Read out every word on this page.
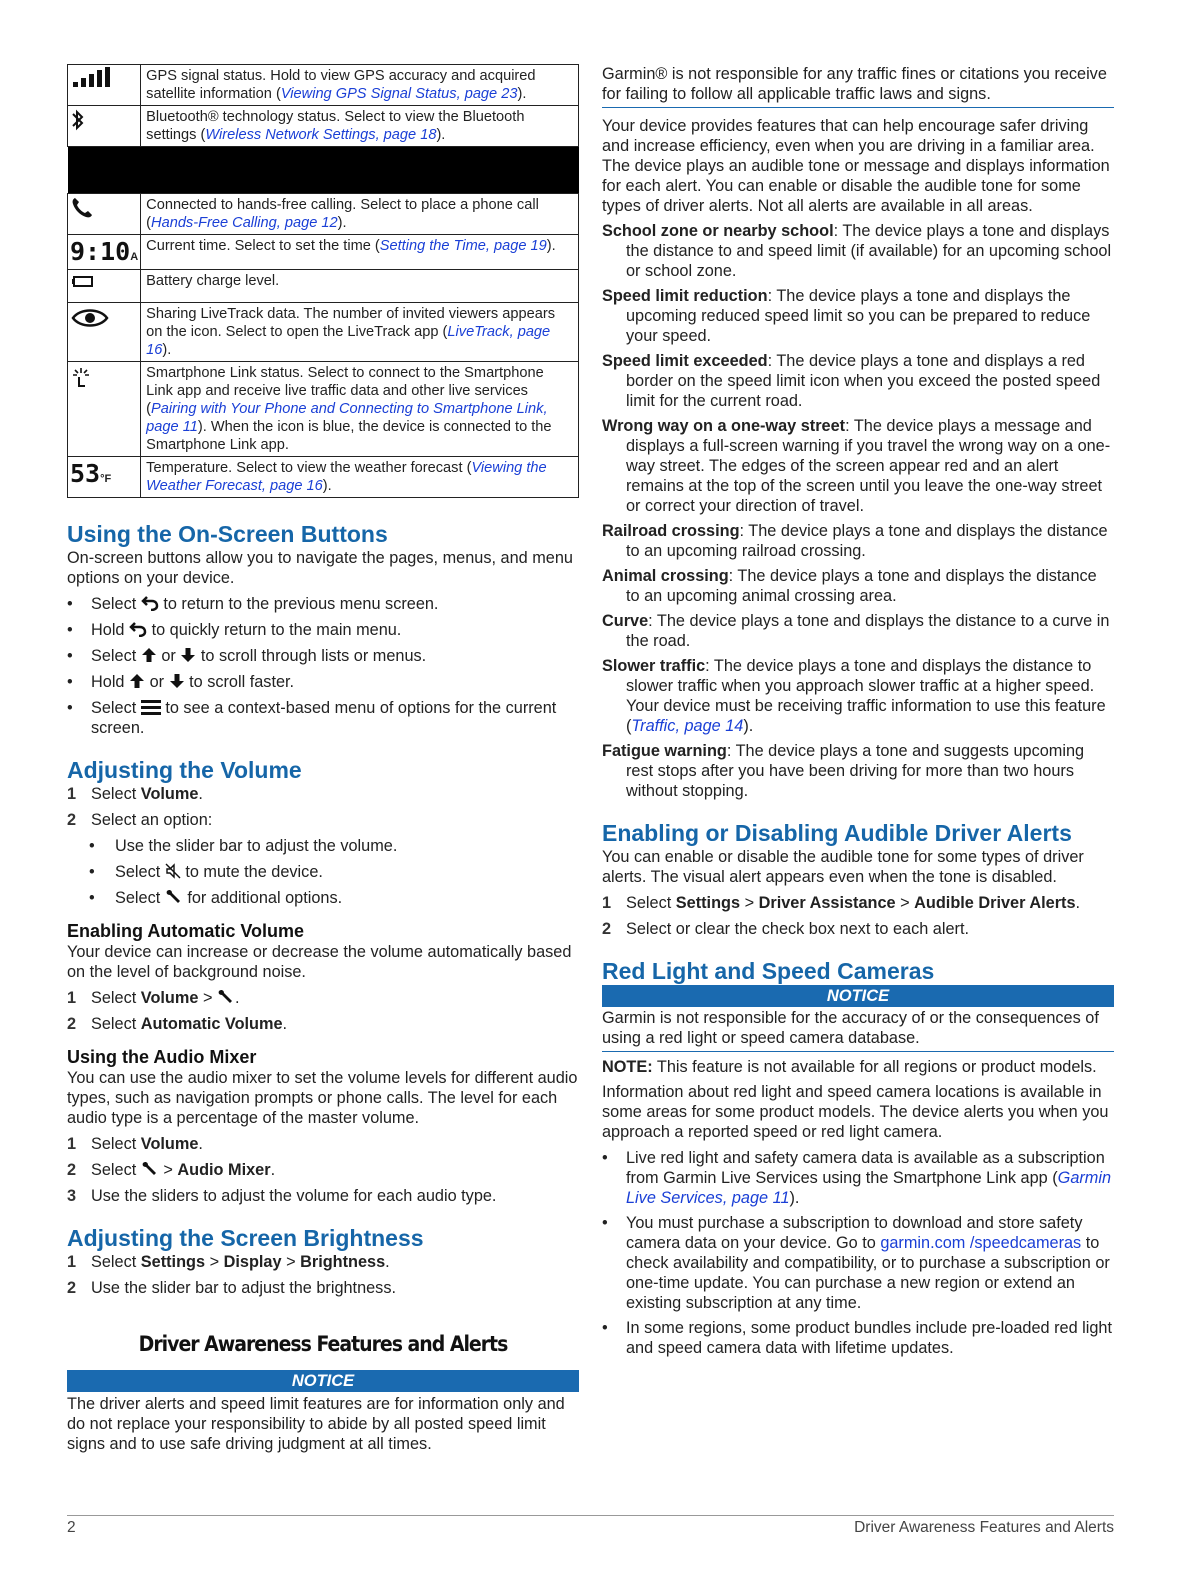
	GPS signal status. Hold to view GPS accuracy and acquired satellite information (Viewing GPS Signal Status, page 23).

	Bluetooth® technology status. Select to view the Bluetooth settings (Wireless Network Settings, page 18).

	Connected to hands-free calling. Select to place a phone call (Hands-Free Calling, page 12).
9:10A	Current time. Select to set the time (Setting the Time, page 19).

	Battery charge level.

	Sharing LiveTrack data. The number of invited viewers appears on the icon. Select to open the LiveTrack app (LiveTrack, page 16).

	Smartphone Link status. Select to connect to the Smartphone Link app and receive live traffic data and other live services (Pairing with Your Phone and Connecting to Smartphone Link, page 11). When the icon is blue, the device is connected to the Smartphone Link app.
53°F	Temperature. Select to view the weather forecast (Viewing the Weather Forecast, page 16).
Using the On-Screen Buttons

On-screen buttons allow you to navigate the pages, menus, and menu options on your device.

• Select to return to the previous menu screen.
• Hold to quickly return to the main menu.
• Select or to scroll through lists or menus.
• Hold or to scroll faster.
• Select to see a context-based menu of options for the current screen.
Adjusting the Volume
1 Select Volume.
2 Select an option:
• Use the slider bar to adjust the volume.
• Select to mute the device.
• Select for additional options.
Enabling Automatic Volume

Your device can increase or decrease the volume automatically based on the level of background noise.

1 Select Volume > .
2 Select Automatic Volume.
Using the Audio Mixer

You can use the audio mixer to set the volume levels for different audio types, such as navigation prompts or phone calls. The level for each audio type is a percentage of the master volume.

1 Select Volume.
2 Select > Audio Mixer.
3 Use the sliders to adjust the volume for each audio type.
Adjusting the Screen Brightness
1 Select Settings > Display > Brightness.
2 Use the slider bar to adjust the brightness.
Driver Awareness Features and Alerts
NOTICE

The driver alerts and speed limit features are for information only and do not replace your responsibility to abide by all posted speed limit signs and to use safe driving judgment at all times.

Garmin® is not responsible for any traffic fines or citations you receive for failing to follow all applicable traffic laws and signs.

Your device provides features that can help encourage safer driving and increase efficiency, even when you are driving in a familiar area. The device plays an audible tone or message and displays information for each alert. You can enable or disable the audible tone for some types of driver alerts. Not all alerts are available in all areas.

School zone or nearby school: The device plays a tone and displays the distance to and speed limit (if available) for an upcoming school or school zone.

Speed limit reduction: The device plays a tone and displays the upcoming reduced speed limit so you can be prepared to reduce your speed.

Speed limit exceeded: The device plays a tone and displays a red border on the speed limit icon when you exceed the posted speed limit for the current road.

Wrong way on a one-way street: The device plays a message and displays a full-screen warning if you travel the wrong way on a one-way street. The edges of the screen appear red and an alert remains at the top of the screen until you leave the one-way street or correct your direction of travel.

Railroad crossing: The device plays a tone and displays the distance to an upcoming railroad crossing.

Animal crossing: The device plays a tone and displays the distance to an upcoming animal crossing area.

Curve: The device plays a tone and displays the distance to a curve in the road.

Slower traffic: The device plays a tone and displays the distance to slower traffic when you approach slower traffic at a higher speed. Your device must be receiving traffic information to use this feature (Traffic, page 14).

Fatigue warning: The device plays a tone and suggests upcoming rest stops after you have been driving for more than two hours without stopping.

Enabling or Disabling Audible Driver Alerts

You can enable or disable the audible tone for some types of driver alerts. The visual alert appears even when the tone is disabled.

1 Select Settings > Driver Assistance > Audible Driver Alerts.
2 Select or clear the check box next to each alert.
Red Light and Speed Cameras
NOTICE

Garmin is not responsible for the accuracy of or the consequences of using a red light or speed camera database.

NOTE: This feature is not available for all regions or product models.

Information about red light and speed camera locations is available in some areas for some product models. The device alerts you when you approach a reported speed or red light camera.

• Live red light and safety camera data is available as a subscription from Garmin Live Services using the Smartphone Link app (Garmin Live Services, page 11).
• You must purchase a subscription to download and store safety camera data on your device. Go to garmin.com /speedcameras to check availability and compatibility, or to purchase a subscription or one-time update. You can purchase a new region or extend an existing subscription at any time.
• In some regions, some product bundles include pre-loaded red light and speed camera data with lifetime updates.
2	Driver Awareness Features and Alerts
